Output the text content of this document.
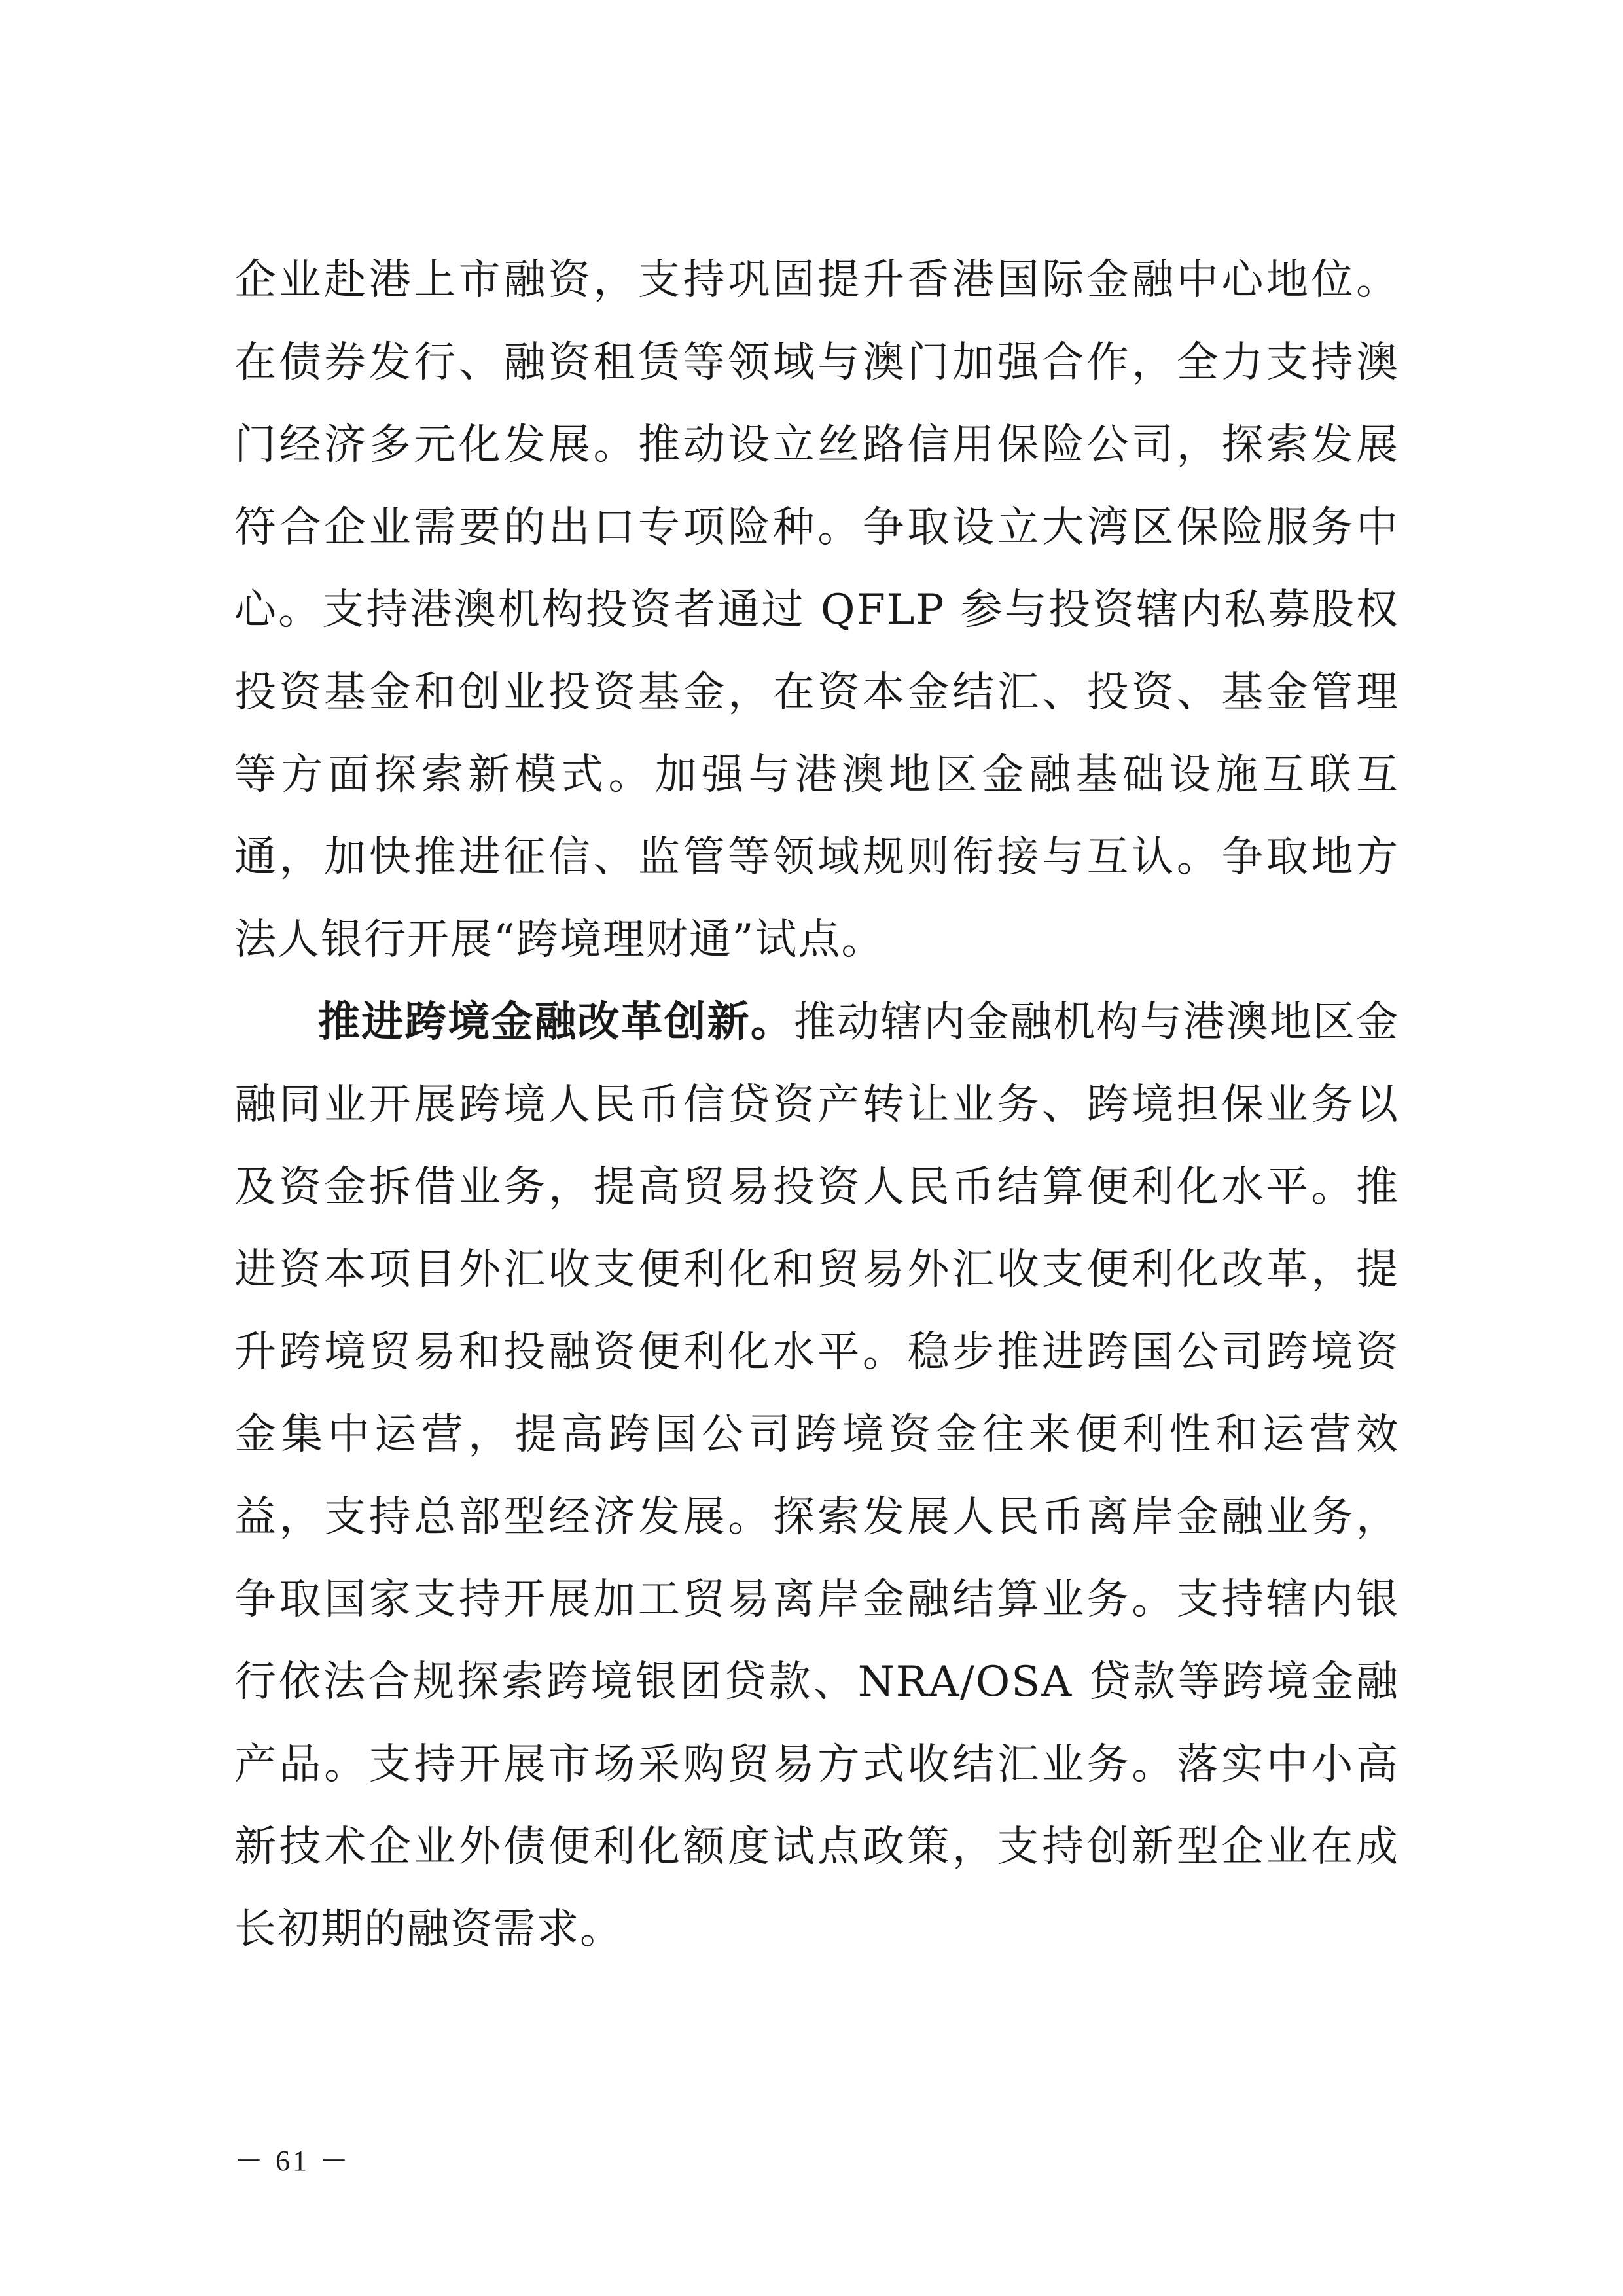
企业赴港上市融资，支持巩固提升香港国际金融中心地位。在债券发行、融资租赁等领域与澳门加强合作，全力支持澳门经济多元化发展。推动设立丝路信用保险公司，探索发展符合企业需要的出口专项险种。争取设立大湾区保险服务中心。支持港澳机构投资者通过 QFLP 参与投资辖内私募股权投资基金和创业投资基金，在资本金结汇、投资、基金管理等方面探索新模式。加强与港澳地区金融基础设施互联互通，加快推进征信、监管等领域规则衔接与互认。争取地方法人银行开展“跨境理财通”试点。

推进跨境金融改革创新。推动辖内金融机构与港澳地区金融同业开展跨境人民币信贷资产转让业务、跨境担保业务以及资金拆借业务，提高贸易投资人民币结算便利化水平。推进资本项目外汇收支便利化和贸易外汇收支便利化改革，提升跨境贸易和投融资便利化水平。稳步推进跨国公司跨境资金集中运营，提高跨国公司跨境资金往来便利性和运营效益，支持总部型经济发展。探索发展人民币离岸金融业务，争取国家支持开展加工贸易离岸金融结算业务。支持辖内银行依法合规探索跨境银团贷款、NRA/OSA 贷款等跨境金融产品。支持开展市场采购贸易方式收结汇业务。落实中小高新技术企业外债便利化额度试点政策，支持创新型企业在成长初期的融资需求。

－ 61 －
